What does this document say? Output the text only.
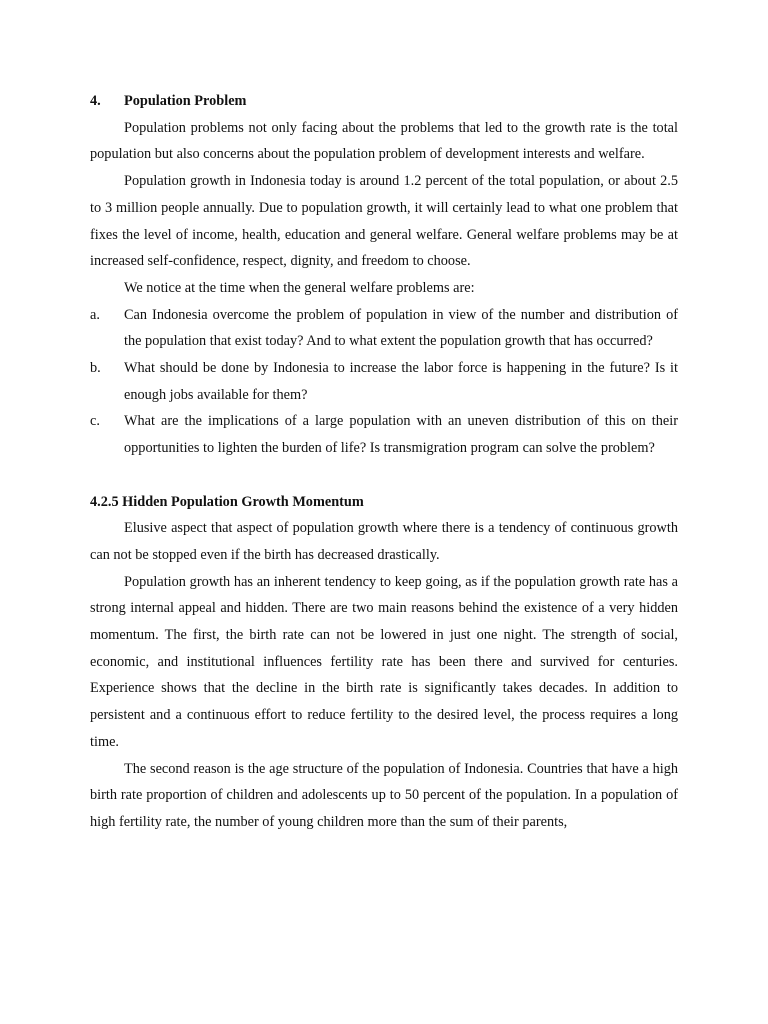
4. Population Problem

Population problems not only facing about the problems that led to the growth rate is the total population but also concerns about the population problem of development interests and welfare.

Population growth in Indonesia today is around 1.2 percent of the total population, or about 2.5 to 3 million people annually. Due to population growth, it will certainly lead to what one problem that fixes the level of income, health, education and general welfare. General welfare problems may be at increased self-confidence, respect, dignity, and freedom to choose.

We notice at the time when the general welfare problems are:

a.	Can Indonesia overcome the problem of population in view of the number and distribution of the population that exist today? And to what extent the population growth that has occurred?
b.	What should be done by Indonesia to increase the labor force is happening in the future? Is it enough jobs available for them?
c.	What are the implications of a large population with an uneven distribution of this on their opportunities to lighten the burden of life? Is transmigration program can solve the problem?
4.2.5 Hidden Population Growth Momentum

Elusive aspect that aspect of population growth where there is a tendency of continuous growth can not be stopped even if the birth has decreased drastically.

Population growth has an inherent tendency to keep going, as if the population growth rate has a strong internal appeal and hidden. There are two main reasons behind the existence of a very hidden momentum. The first, the birth rate can not be lowered in just one night. The strength of social, economic, and institutional influences fertility rate has been there and survived for centuries. Experience shows that the decline in the birth rate is significantly takes decades. In addition to persistent and a continuous effort to reduce fertility to the desired level, the process requires a long time.

The second reason is the age structure of the population of Indonesia. Countries that have a high birth rate proportion of children and adolescents up to 50 percent of the population. In a population of high fertility rate, the number of young children more than the sum of their parents,
